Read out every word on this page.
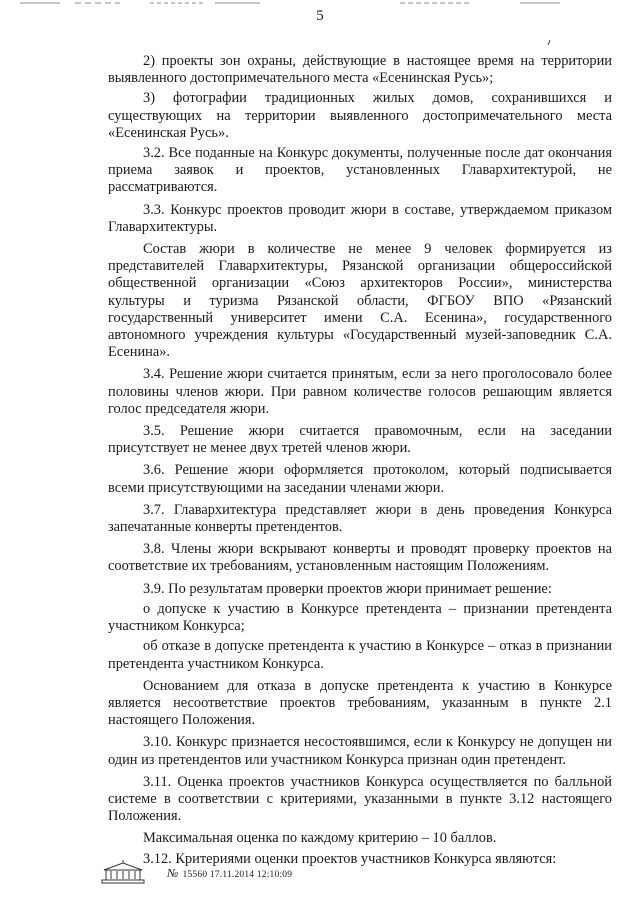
5

2) проекты зон охраны, действующие в настоящее время на территории выявленного достопримечательного места «Есенинская Русь»;

3) фотографии традиционных жилых домов, сохранившихся и существующих на территории выявленного достопримечательного места «Есенинская Русь».

3.2. Все поданные на Конкурс документы, полученные после дат окончания приема заявок и проектов, установленных Главархитектурой, не рассматриваются.

3.3. Конкурс проектов проводит жюри в составе, утверждаемом приказом Главархитектуры.

Состав жюри в количестве не менее 9 человек формируется из представителей Главархитектуры, Рязанской организации общероссийской общественной организации «Союз архитекторов России», министерства культуры и туризма Рязанской области, ФГБОУ ВПО «Рязанский государственный университет имени С.А. Есенина», государственного автономного учреждения культуры «Государственный музей-заповедник С.А. Есенина».

3.4. Решение жюри считается принятым, если за него проголосовало более половины членов жюри. При равном количестве голосов решающим является голос председателя жюри.

3.5. Решение жюри считается правомочным, если на заседании присутствует не менее двух третей членов жюри.

3.6. Решение жюри оформляется протоколом, который подписывается всеми присутствующими на заседании членами жюри.

3.7. Главархитектура представляет жюри в день проведения Конкурса запечатанные конверты претендентов.

3.8. Члены жюри вскрывают конверты и проводят проверку проектов на соответствие их требованиям, установленным настоящим Положениям.

3.9. По результатам проверки проектов жюри принимает решение:

о допуске к участию в Конкурсе претендента – признании претендента участником Конкурса;

об отказе в допуске претендента к участию в Конкурсе – отказ в признании претендента участником Конкурса.

Основанием для отказа в допуске претендента к участию в Конкурсе является несоответствие проектов требованиям, указанным в пункте 2.1 настоящего Положения.

3.10. Конкурс признается несостоявшимся, если к Конкурсу не допущен ни один из претендентов или участником Конкурса признан один претендент.

3.11. Оценка проектов участников Конкурса осуществляется по балльной системе в соответствии с критериями, указанными в пункте 3.12 настоящего Положения.

Максимальная оценка по каждому критерию – 10 баллов.

3.12. Критериями оценки проектов участников Конкурса являются:

№ 15560 17.11.2014 12:10:09
